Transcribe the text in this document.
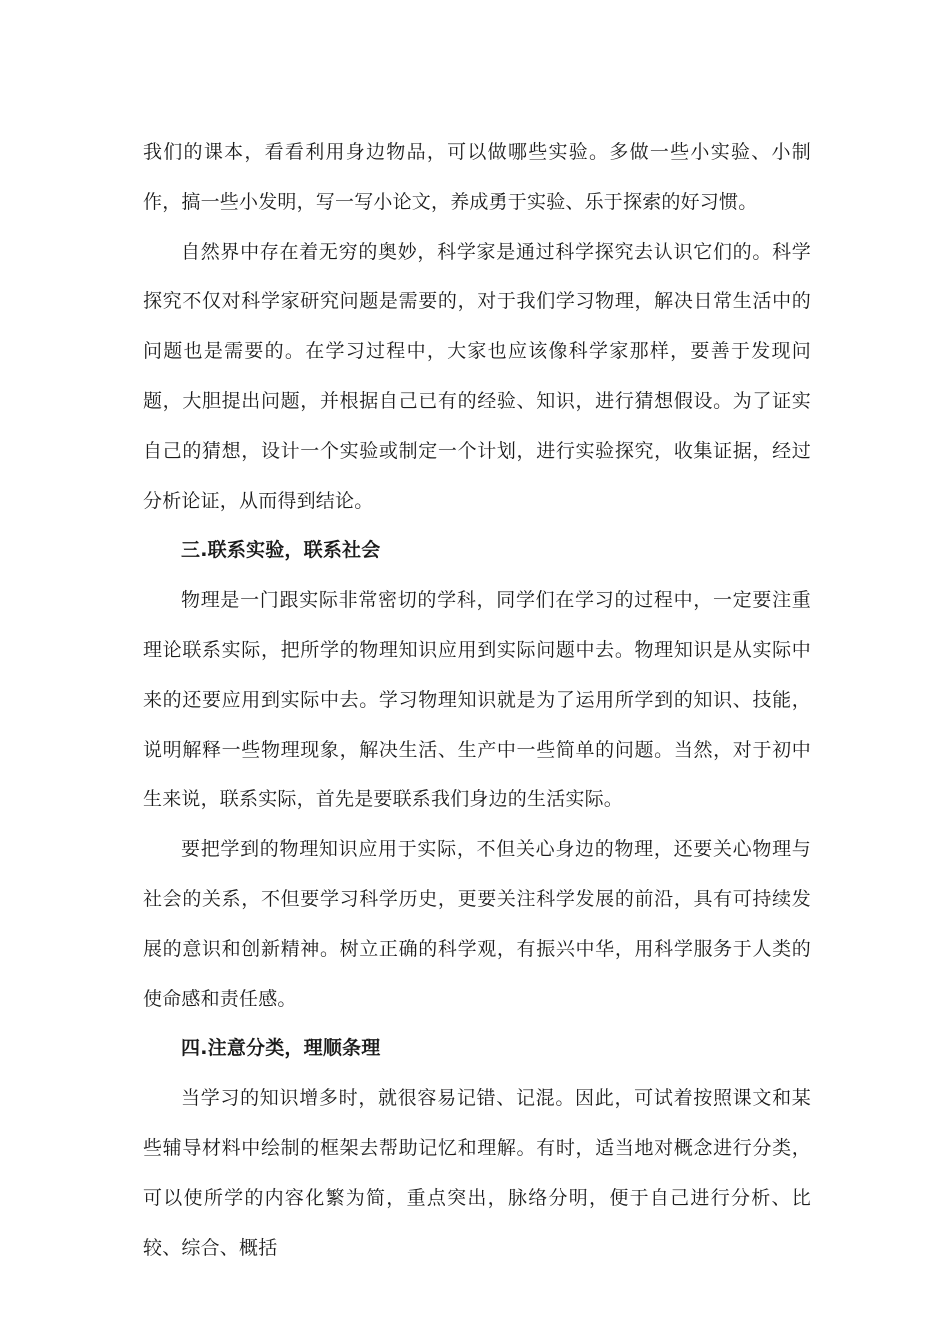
我们的课本，看看利用身边物品，可以做哪些实验。多做一些小实验、小制作，搞一些小发明，写一写小论文，养成勇于实验、乐于探索的好习惯。

自然界中存在着无穷的奥妙，科学家是通过科学探究去认识它们的。科学探究不仅对科学家研究问题是需要的，对于我们学习物理，解决日常生活中的问题也是需要的。在学习过程中，大家也应该像科学家那样，要善于发现问题，大胆提出问题，并根据自己已有的经验、知识，进行猜想假设。为了证实自己的猜想，设计一个实验或制定一个计划，进行实验探究，收集证据，经过分析论证，从而得到结论。

三.联系实验，联系社会

物理是一门跟实际非常密切的学科，同学们在学习的过程中，一定要注重理论联系实际，把所学的物理知识应用到实际问题中去。物理知识是从实际中来的还要应用到实际中去。学习物理知识就是为了运用所学到的知识、技能，说明解释一些物理现象，解决生活、生产中一些简单的问题。当然，对于初中生来说，联系实际，首先是要联系我们身边的生活实际。

要把学到的物理知识应用于实际，不但关心身边的物理，还要关心物理与社会的关系，不但要学习科学历史，更要关注科学发展的前沿，具有可持续发展的意识和创新精神。树立正确的科学观，有振兴中华，用科学服务于人类的使命感和责任感。

四.注意分类，理顺条理

当学习的知识增多时，就很容易记错、记混。因此，可试着按照课文和某些辅导材料中绘制的框架去帮助记忆和理解。有时，适当地对概念进行分类，可以使所学的内容化繁为简，重点突出，脉络分明，便于自己进行分析、比较、综合、概括
